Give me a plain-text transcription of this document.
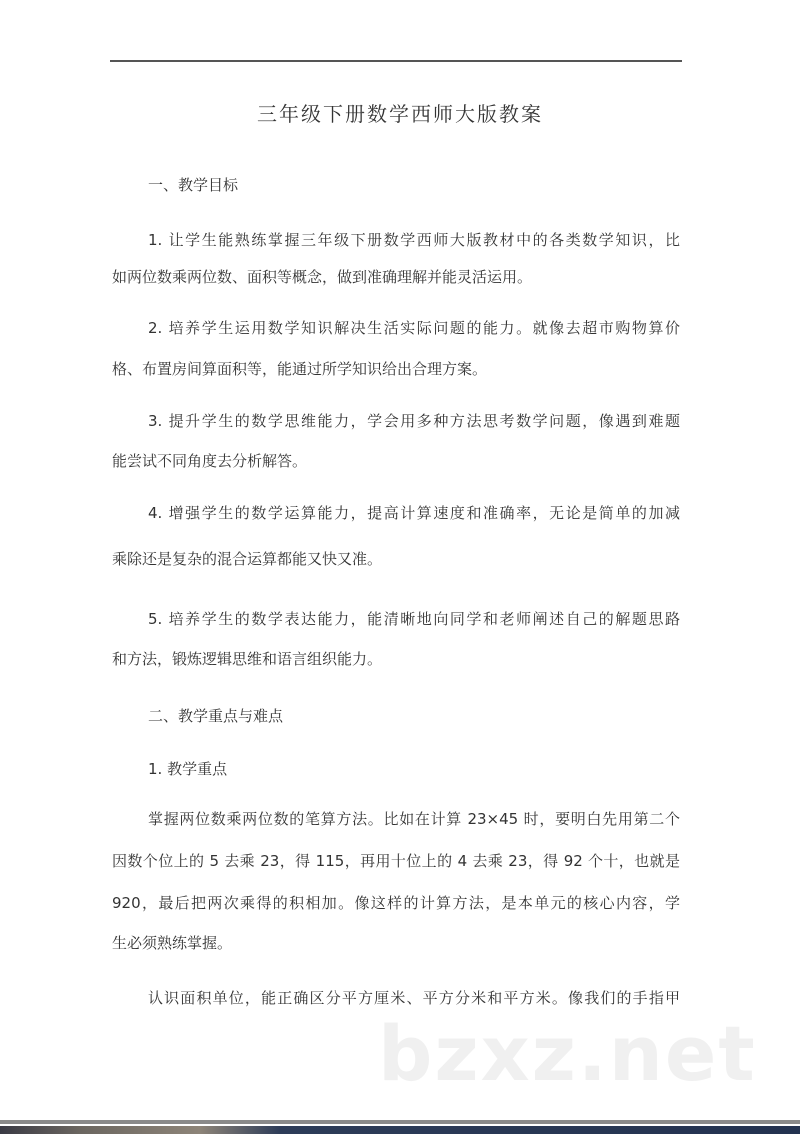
三年级下册数学西师大版教案
一、教学目标
1. 让学生能熟练掌握三年级下册数学西师大版教材中的各类数学知识，比
如两位数乘两位数、面积等概念，做到准确理解并能灵活运用。
2. 培养学生运用数学知识解决生活实际问题的能力。就像去超市购物算价
格、布置房间算面积等，能通过所学知识给出合理方案。
3. 提升学生的数学思维能力，学会用多种方法思考数学问题，像遇到难题
能尝试不同角度去分析解答。
4. 增强学生的数学运算能力，提高计算速度和准确率，无论是简单的加减
乘除还是复杂的混合运算都能又快又准。
5. 培养学生的数学表达能力，能清晰地向同学和老师阐述自己的解题思路
和方法，锻炼逻辑思维和语言组织能力。
二、教学重点与难点
1. 教学重点
掌握两位数乘两位数的笔算方法。比如在计算 23×45 时，要明白先用第二个
因数个位上的 5 去乘 23，得 115，再用十位上的 4 去乘 23，得 92 个十，也就是
920，最后把两次乘得的积相加。像这样的计算方法，是本单元的核心内容，学
生必须熟练掌握。
认识面积单位，能正确区分平方厘米、平方分米和平方米。像我们的手指甲
bzxz.net
